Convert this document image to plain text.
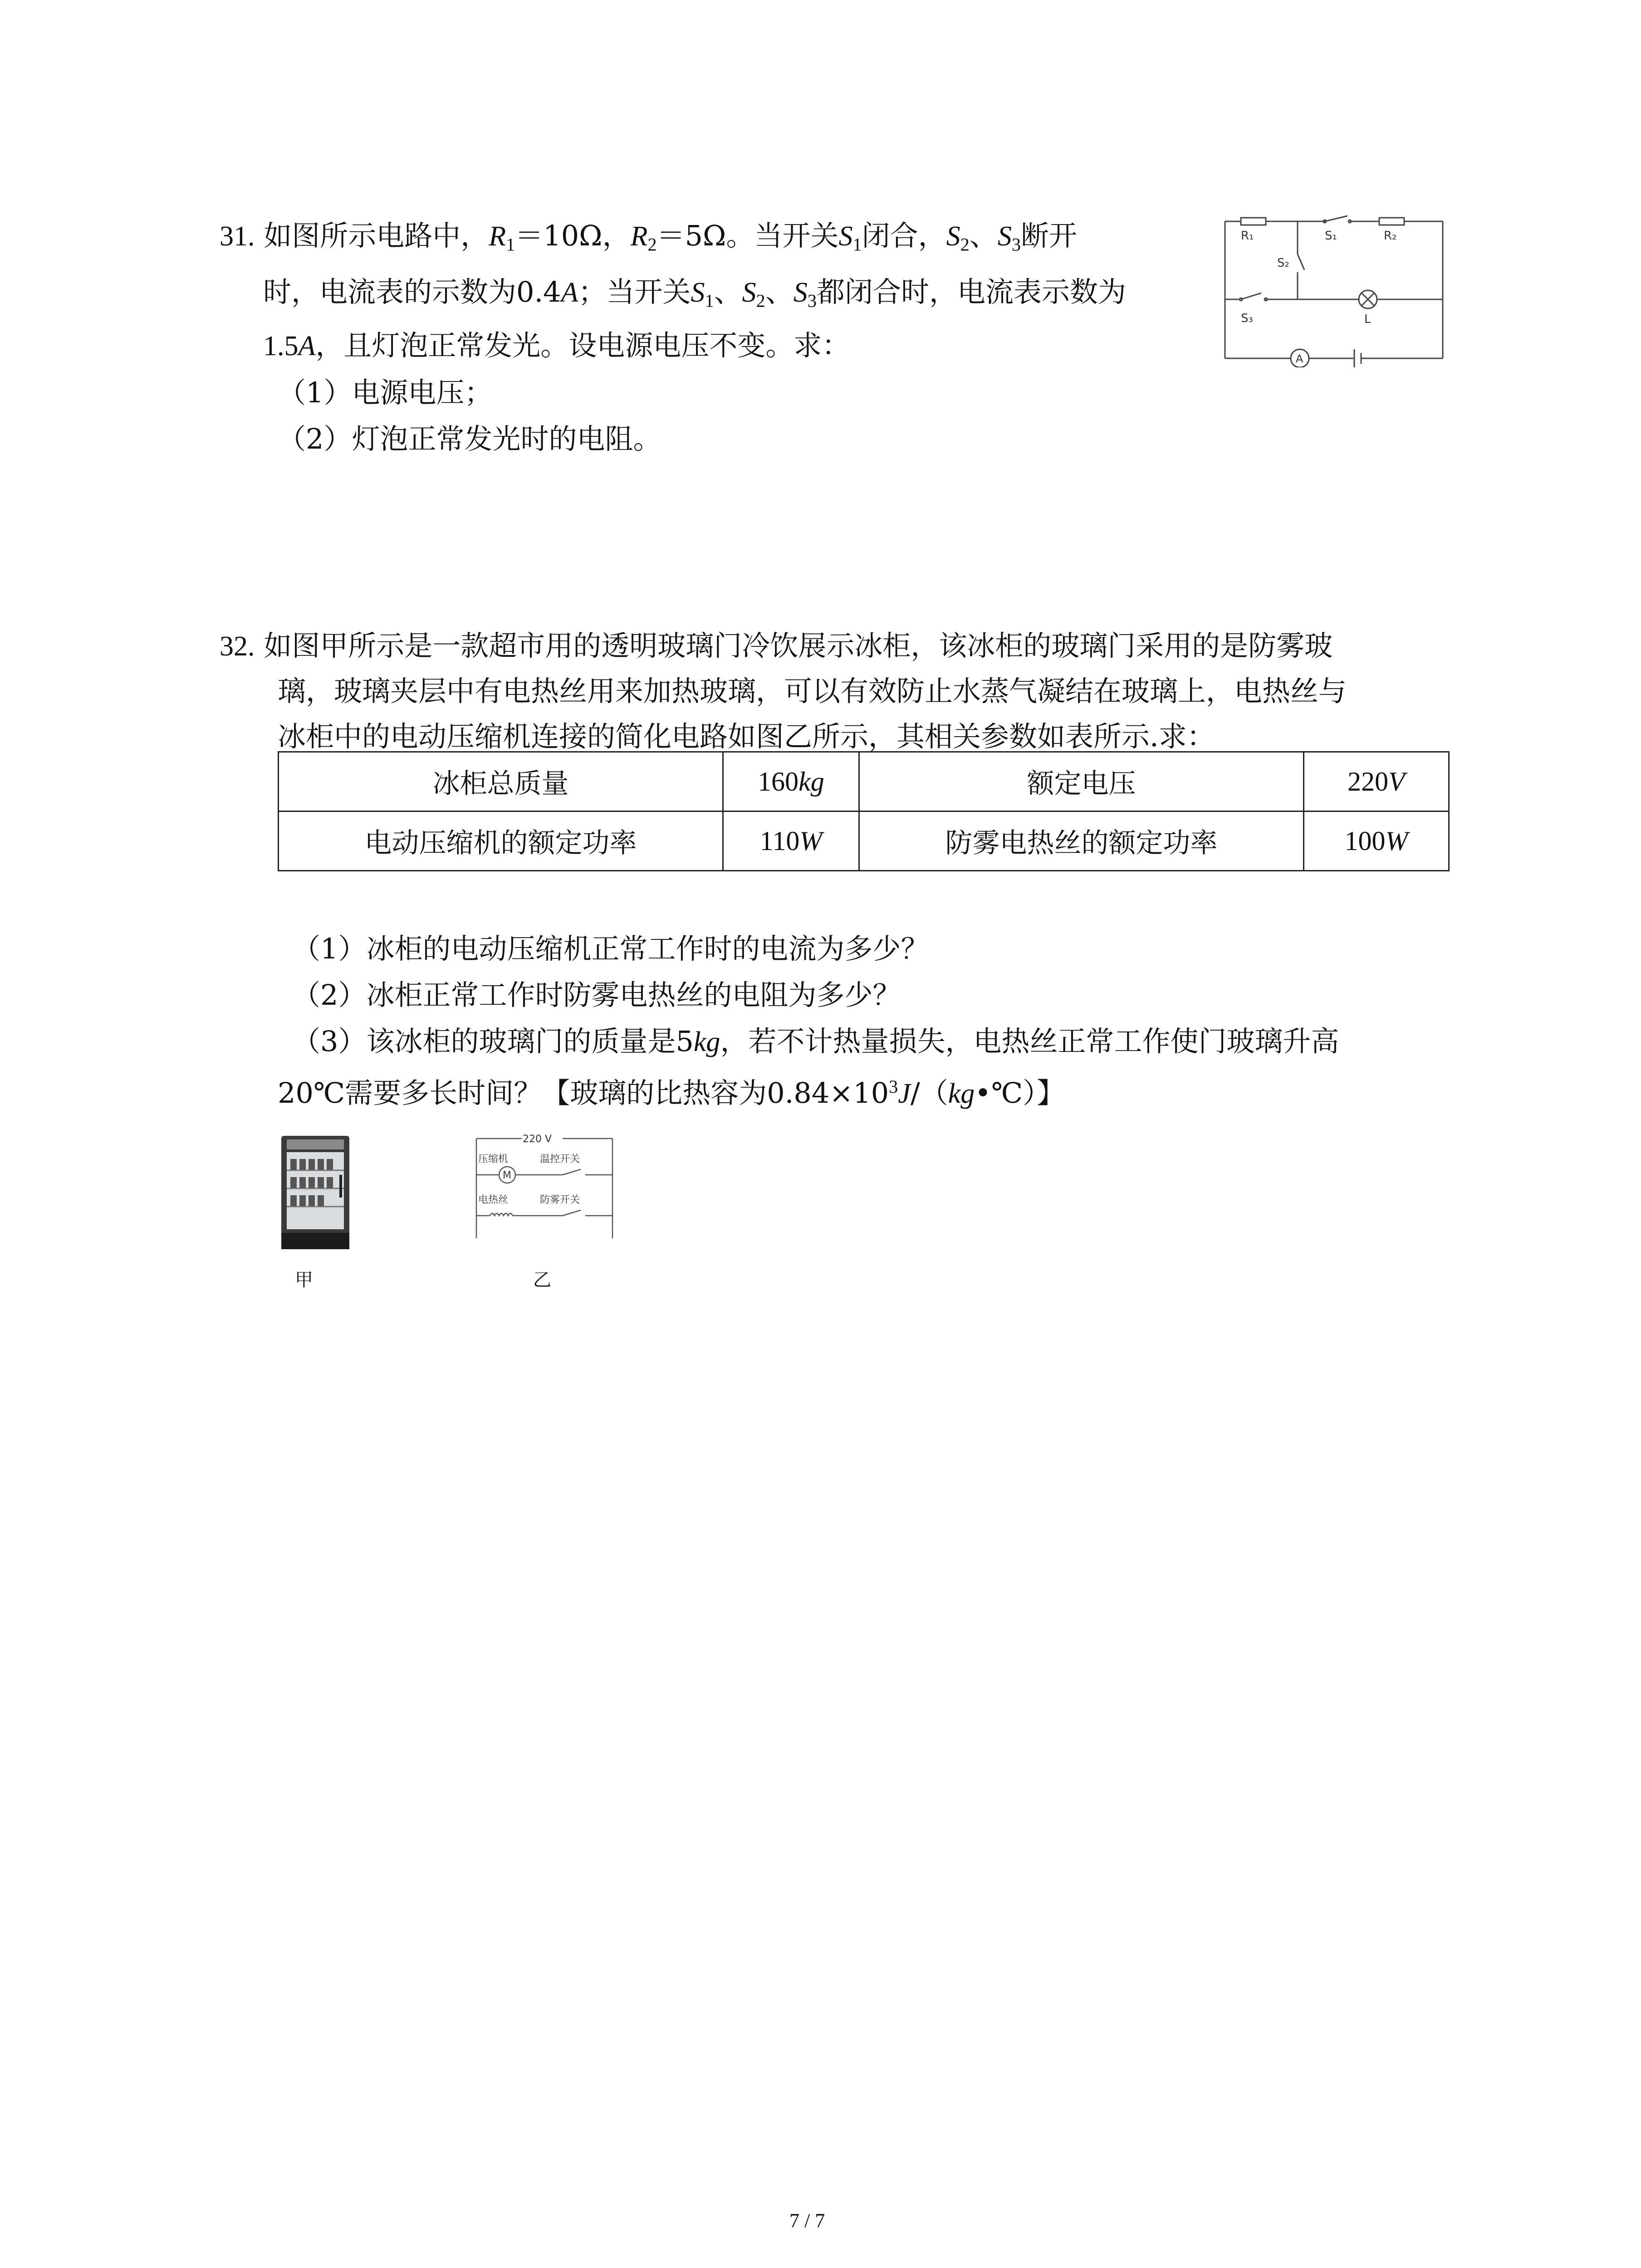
31. 如图所示电路中，$R_1=10\Omega$，$R_2=5\Omega$。当开关$S_1$闭合，$S_2$、$S_3$断开
时，电流表的示数为0.4A；当开关$S_1$、$S_2$、$S_3$都闭合时，电流表示数为
1.5A，且灯泡正常发光。设电源电压不变。求：
（1）电源电压；
（2）灯泡正常发光时的电阻。
R₁	S₁	R₂
S₂
S₃	L
A
32. 如图甲所示是一款超市用的透明玻璃门冷饮展示冰柜，该冰柜的玻璃门采用的是防雾玻
璃，玻璃夹层中有电热丝用来加热玻璃，可以有效防止水蒸气凝结在玻璃上，电热丝与
冰柜中的电动压缩机连接的简化电路如图乙所示，其相关参数如表所示.求：
冰柜总质量	160kg	额定电压	220V
电动压缩机的额定功率	110W	防雾电热丝的额定功率	100W
（1）冰柜的电动压缩机正常工作时的电流为多少？
（2）冰柜正常工作时防雾电热丝的电阻为多少？
（3）该冰柜的玻璃门的质量是5kg，若不计热量损失，电热丝正常工作使门玻璃升高
20℃需要多长时间？【玻璃的比热容为$0.84\times 10^3J/(kg•℃)$】
甲
220 V
压缩机	温控开关
M
电热丝	防雾开关
乙
7 / 7
